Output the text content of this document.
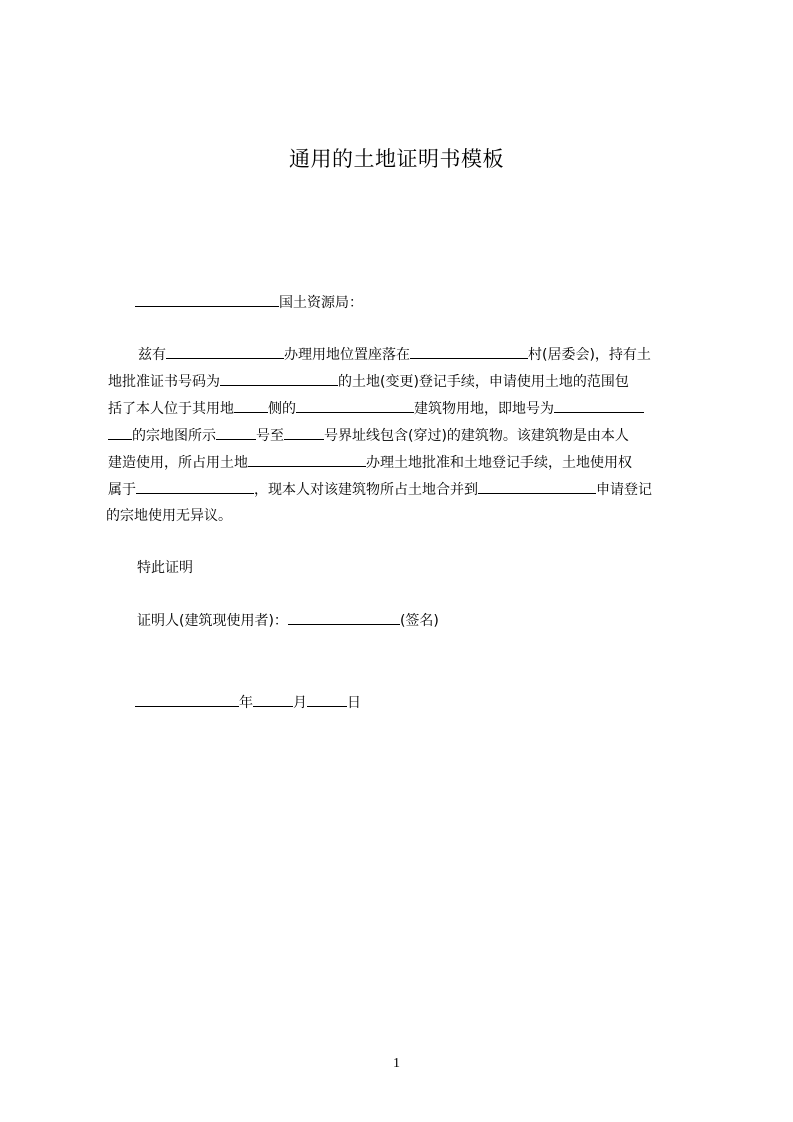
通用的土地证明书模板
国土资源局：
兹有	办理用地位置座落在	村(居委会)，持有土
地批准证书号码为	的土地(变更)登记手续，申请使用土地的范围包
括了本人位于其用地 侧的	建筑物用地，即地号为
的宗地图所示	号至	号界址线包含(穿过)的建筑物。该建筑物是由本人
建造使用，所占用土地	办理土地批准和土地登记手续，土地使用权
属于	，现本人对该建筑物所占土地合并到	申请登记
的宗地使用无异议。
特此证明
证明人(建筑现使用者)：	(签名)
年	月	日
1
